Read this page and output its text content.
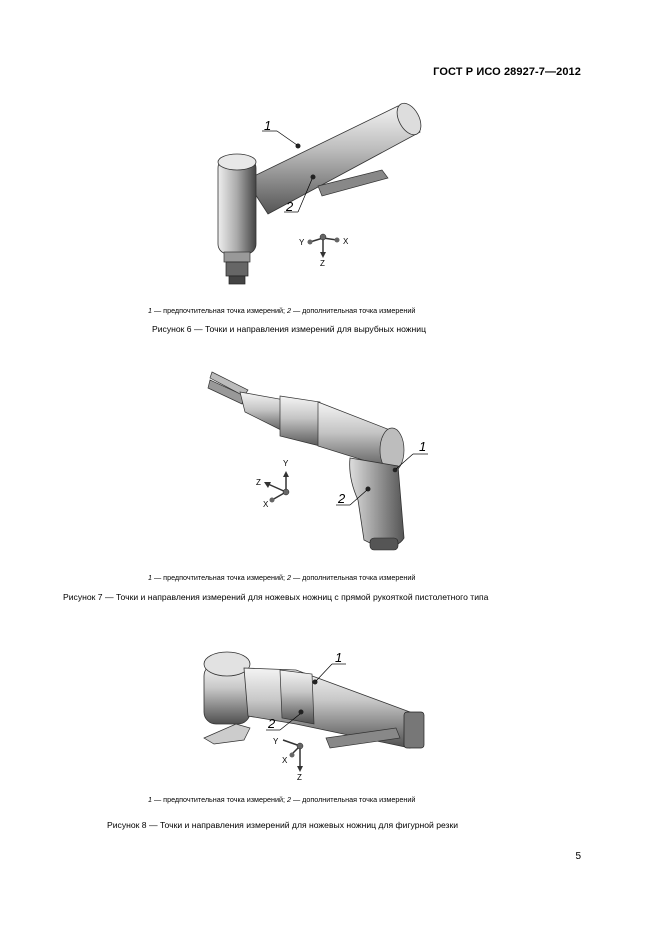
ГОСТ Р ИСО 28927-7—2012
1
2
Y	X
Z
1 — предпочтительная точка измерений; 2 — дополнительная точка измерений
Рисунок 6 — Точки и направления измерений для вырубных ножниц
1
2
Y
Z
X
1 — предпочтительная точка измерений; 2 — дополнительная точка измерений
Рисунок 7 — Точки и направления измерений для ножевых ножниц с прямой рукояткой пистолетного типа
1
2
Y
X
Z
1 — предпочтительная точка измерений; 2 — дополнительная точка измерений
Рисунок 8 — Точки и направления измерений для ножевых ножниц для фигурной резки
5
